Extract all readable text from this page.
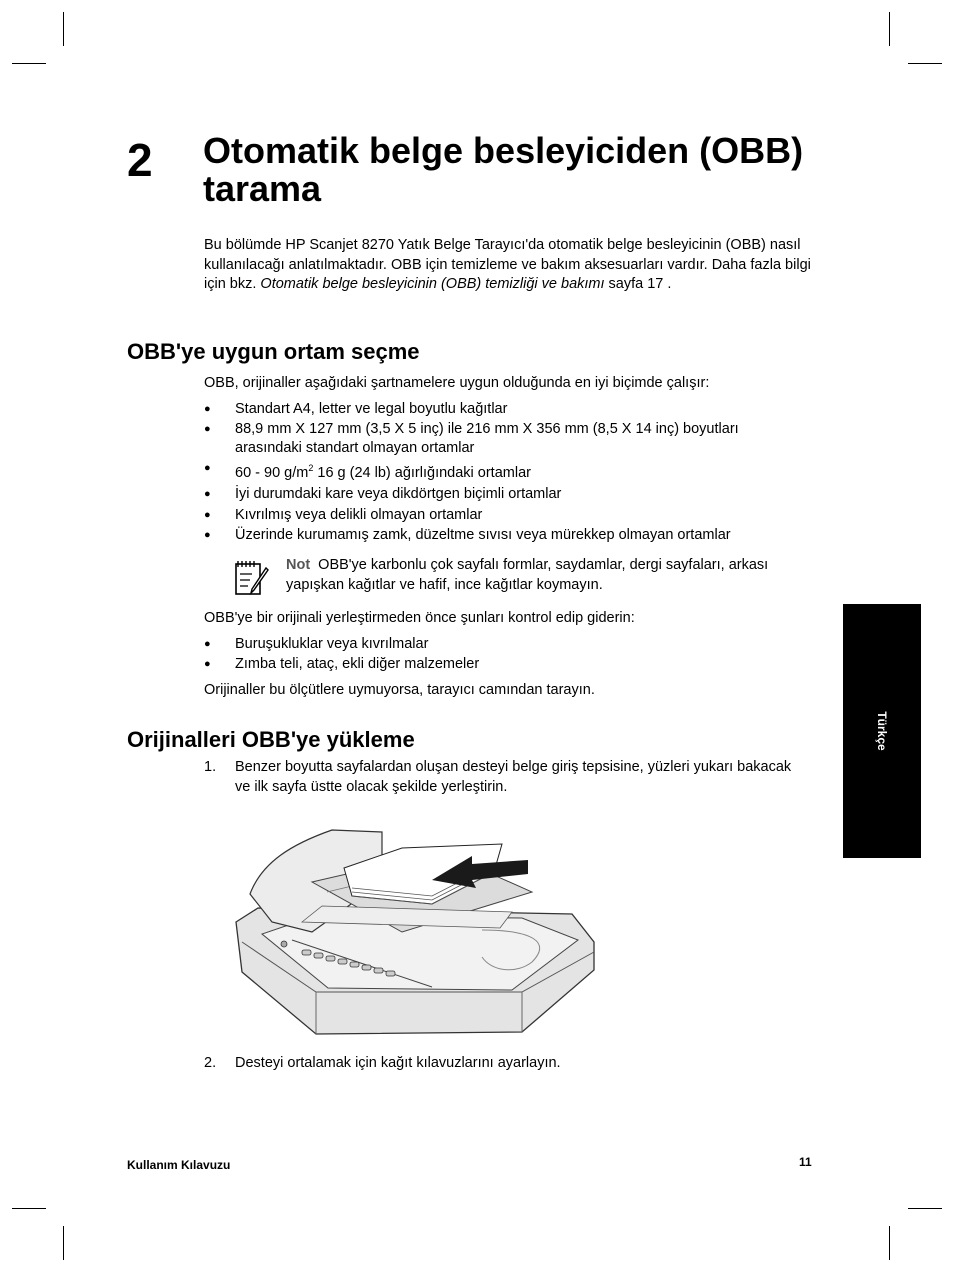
2 Otomatik belge besleyiciden (OBB) tarama

Bu bölümde HP Scanjet 8270 Yatık Belge Tarayıcı'da otomatik belge besleyicinin (OBB) nasıl kullanılacağı anlatılmaktadır. OBB için temizleme ve bakım aksesuarları vardır. Daha fazla bilgi için bkz. Otomatik belge besleyicinin (OBB) temizliği ve bakımı sayfa 17 .

OBB'ye uygun ortam seçme

OBB, orijinaller aşağıdaki şartnamelere uygun olduğunda en iyi biçimde çalışır:

● Standart A4, letter ve legal boyutlu kağıtlar
● 88,9 mm X 127 mm (3,5 X 5 inç) ile 216 mm X 356 mm (8,5 X 14 inç) boyutları arasındaki standart olmayan ortamlar
● 60 - 90 $g/m^2$ 16 g (24 lb) ağırlığındaki ortamlar
● İyi durumdaki kare veya dikdörtgen biçimli ortamlar
● Kıvrılmış veya delikli olmayan ortamlar
● Üzerinde kurumamış zamk, düzeltme sıvısı veya mürekkep olmayan ortamlar
Not OBB'ye karbonlu çok sayfalı formlar, saydamlar, dergi sayfaları, arkası yapışkan kağıtlar ve hafif, ince kağıtlar koymayın.

OBB'ye bir orijinali yerleştirmeden önce şunları kontrol edip giderin:

● Buruşukluklar veya kıvrılmalar
● Zımba teli, ataç, ekli diğer malzemeler

Orijinaller bu ölçütlere uymuyorsa, tarayıcı camından tarayın.

Orijinalleri OBB'ye yükleme
1. Benzer boyutta sayfalardan oluşan desteyi belge giriş tepsisine, yüzleri yukarı bakacak ve ilk sayfa üstte olacak şekilde yerleştirin.
2. Desteyi ortalamak için kağıt kılavuzlarını ayarlayın.
Türkçe
Kullanım Kılavuzu	11
